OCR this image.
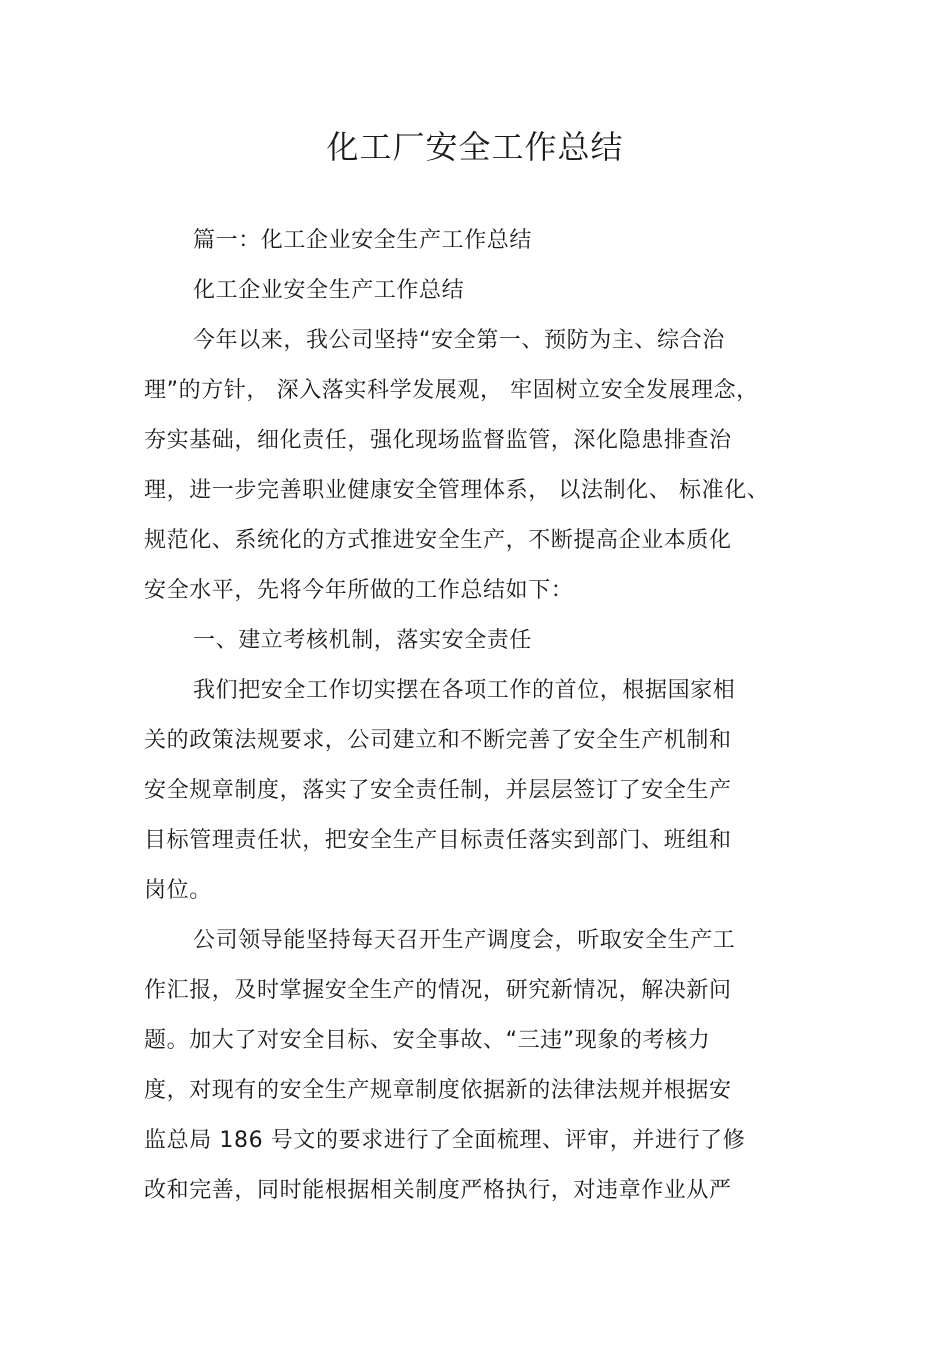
化工厂安全工作总结
篇一：化工企业安全生产工作总结
化工企业安全生产工作总结
今年以来，我公司坚持“安全第一、预防为主、综合治
理”的方针， 深入落实科学发展观， 牢固树立安全发展理念，
夯实基础，细化责任，强化现场监督监管，深化隐患排查治
理，进一步完善职业健康安全管理体系， 以法制化、 标准化、
规范化、系统化的方式推进安全生产，不断提高企业本质化
安全水平，先将今年所做的工作总结如下：
一、建立考核机制，落实安全责任
我们把安全工作切实摆在各项工作的首位，根据国家相
关的政策法规要求，公司建立和不断完善了安全生产机制和
安全规章制度，落实了安全责任制，并层层签订了安全生产
目标管理责任状，把安全生产目标责任落实到部门、班组和
岗位。
公司领导能坚持每天召开生产调度会，听取安全生产工
作汇报，及时掌握安全生产的情况，研究新情况，解决新问
题。加大了对安全目标、安全事故、“三违”现象的考核力
度，对现有的安全生产规章制度依据新的法律法规并根据安
监总局 186 号文的要求进行了全面梳理、评审，并进行了修
改和完善，同时能根据相关制度严格执行，对违章作业从严
